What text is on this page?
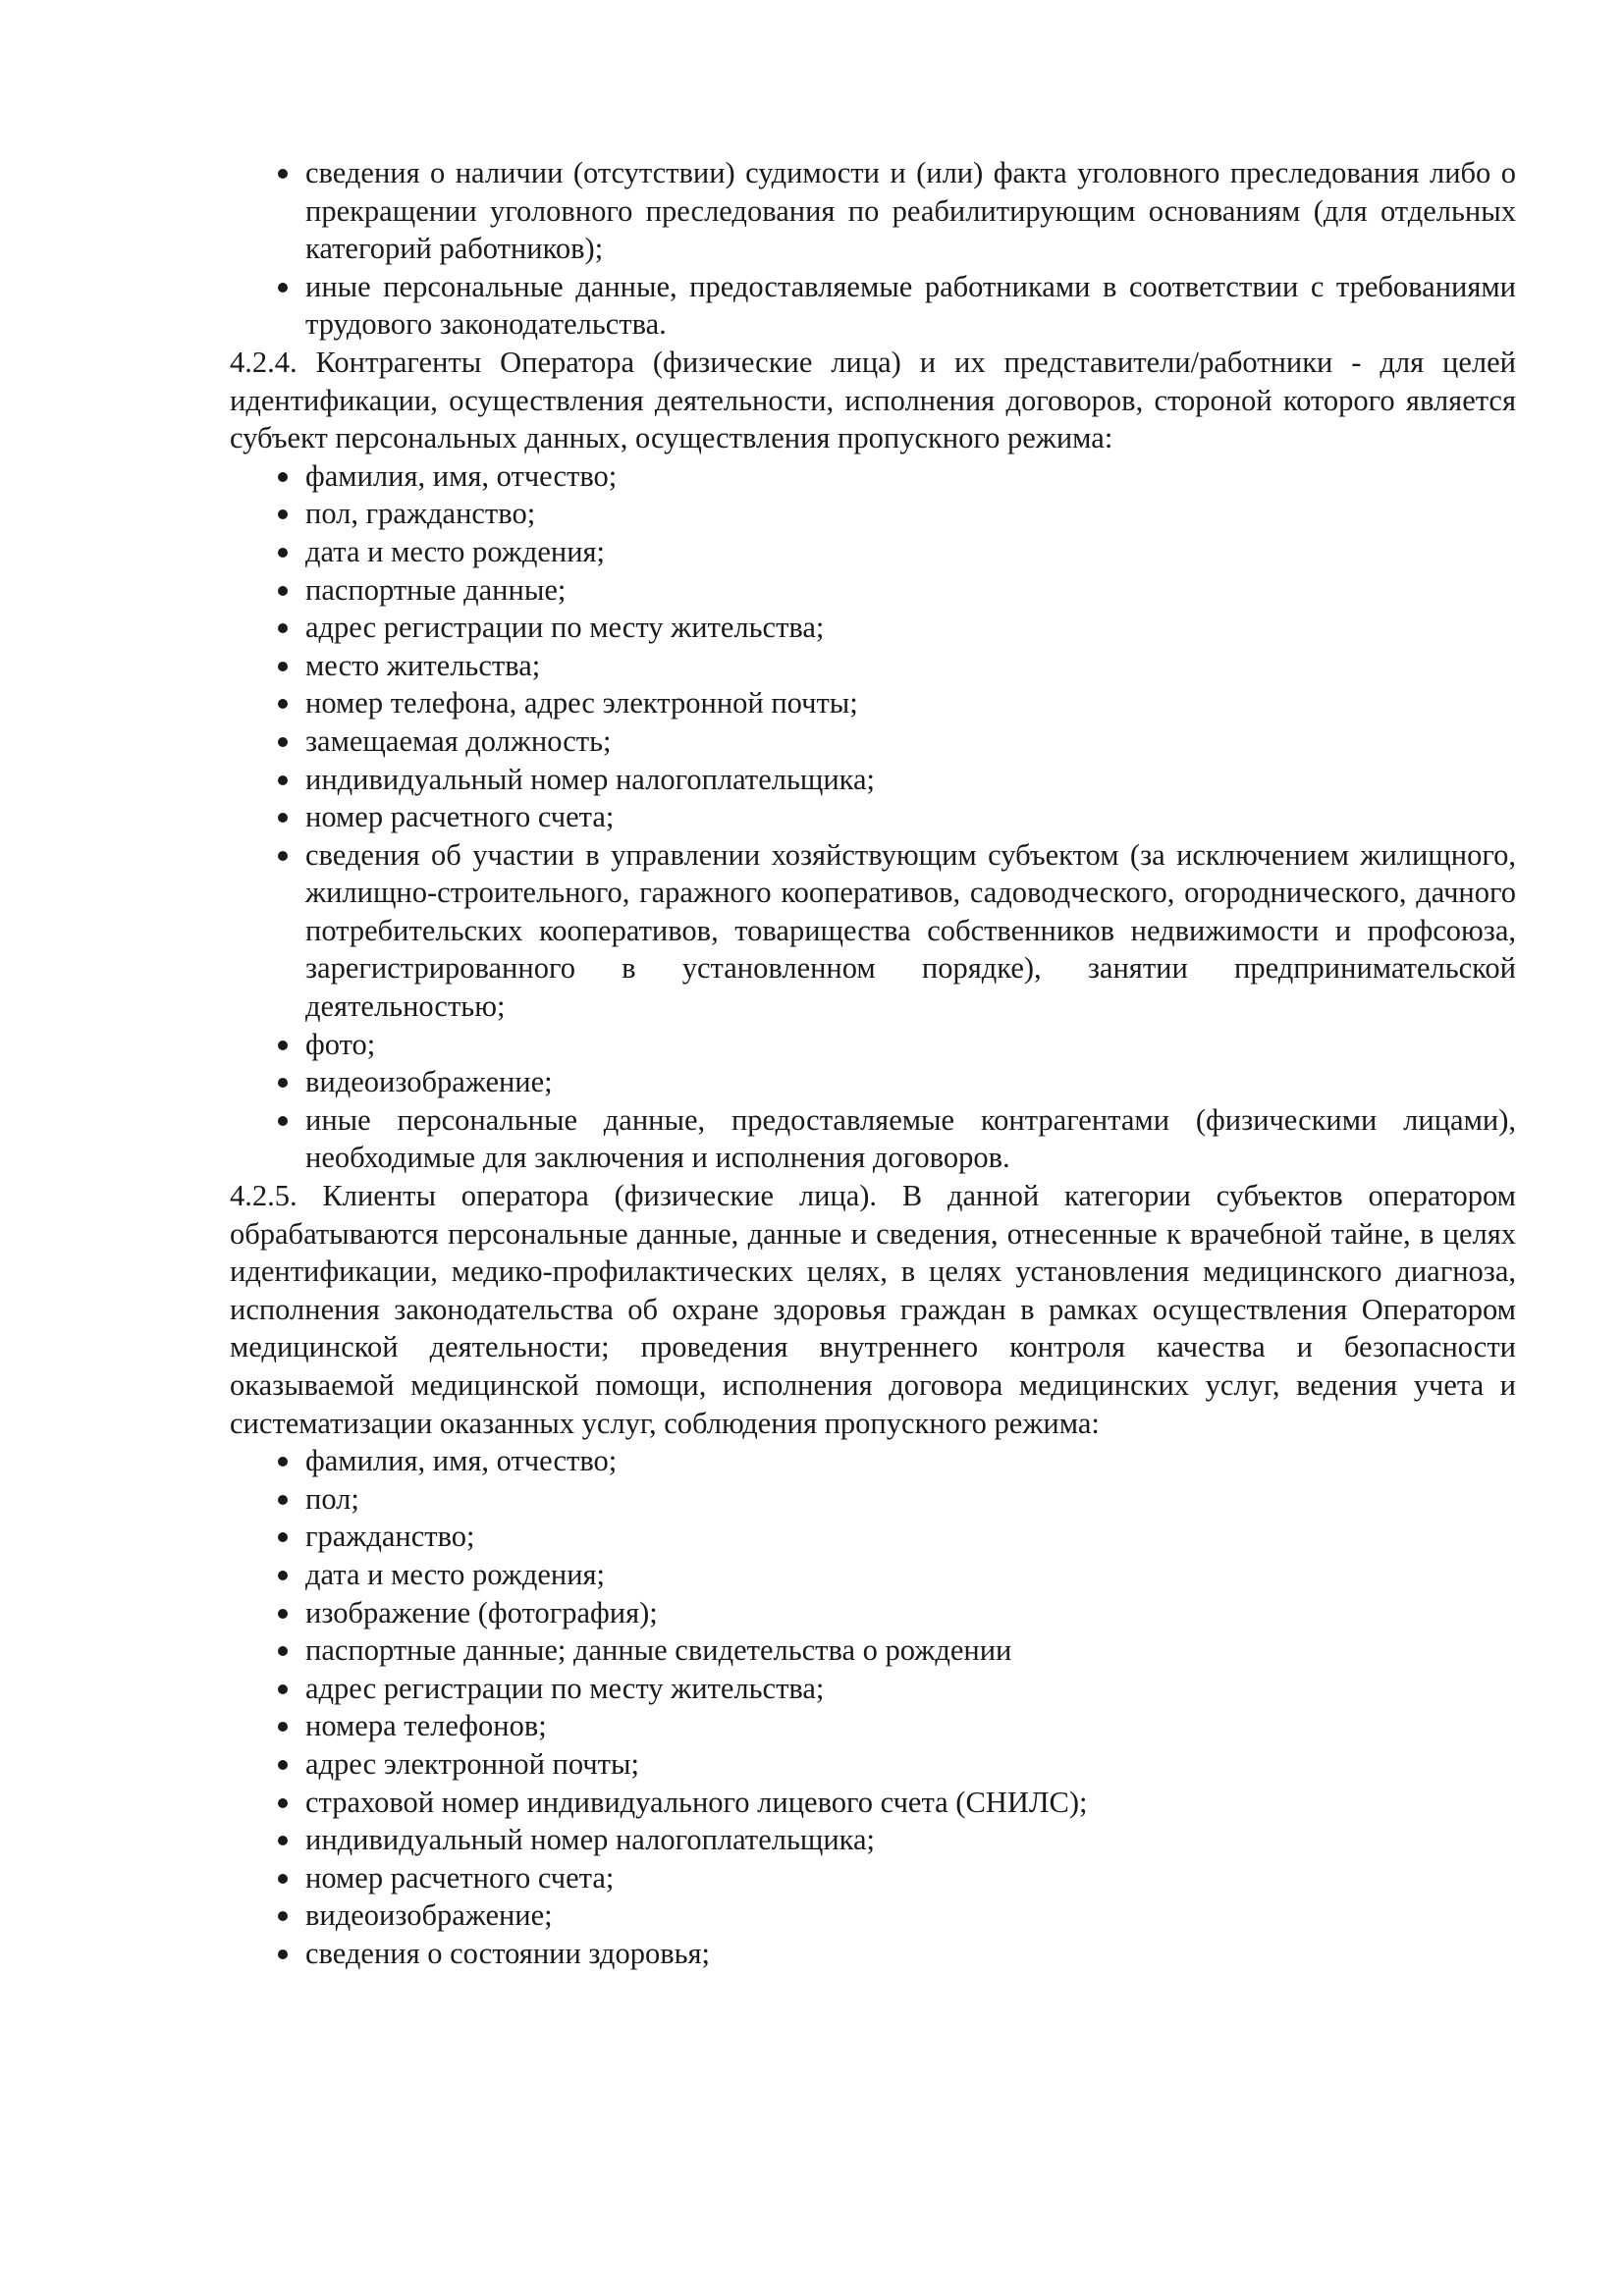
сведения о наличии (отсутствии) судимости и (или) факта уголовного преследования либо о прекращении уголовного преследования по реабилитирующим основаниям (для отдельных категорий работников);
иные персональные данные, предоставляемые работниками в соответствии с требованиями трудового законодательства.

4.2.4. Контрагенты Оператора (физические лица) и их представители/работники - для целей идентификации, осуществления деятельности, исполнения договоров, стороной которого является субъект персональных данных, осуществления пропускного режима:

фамилия, имя, отчество;
пол, гражданство;
дата и место рождения;
паспортные данные;
адрес регистрации по месту жительства;
место жительства;
номер телефона, адрес электронной почты;
замещаемая должность;
индивидуальный номер налогоплательщика;
номер расчетного счета;
сведения об участии в управлении хозяйствующим субъектом (за исключением жилищного, жилищно-строительного, гаражного кооперативов, садоводческого, огороднического, дачного потребительских кооперативов, товарищества собственников недвижимости и профсоюза, зарегистрированного в установленном порядке), занятии предпринимательской деятельностью;
фото;
видеоизображение;
иные персональные данные, предоставляемые контрагентами (физическими лицами), необходимые для заключения и исполнения договоров.

4.2.5. Клиенты оператора (физические лица). В данной категории субъектов оператором обрабатываются персональные данные, данные и сведения, отнесенные к врачебной тайне, в целях идентификации, медико-профилактических целях, в целях установления медицинского диагноза, исполнения законодательства об охране здоровья граждан в рамках осуществления Оператором медицинской деятельности; проведения внутреннего контроля качества и безопасности оказываемой медицинской помощи, исполнения договора медицинских услуг, ведения учета и систематизации оказанных услуг, соблюдения пропускного режима:

фамилия, имя, отчество;
пол;
гражданство;
дата и место рождения;
изображение (фотография);
паспортные данные; данные свидетельства о рождении
адрес регистрации по месту жительства;
номера телефонов;
адрес электронной почты;
страховой номер индивидуального лицевого счета (СНИЛС);
индивидуальный номер налогоплательщика;
номер расчетного счета;
видеоизображение;
сведения о состоянии здоровья;
